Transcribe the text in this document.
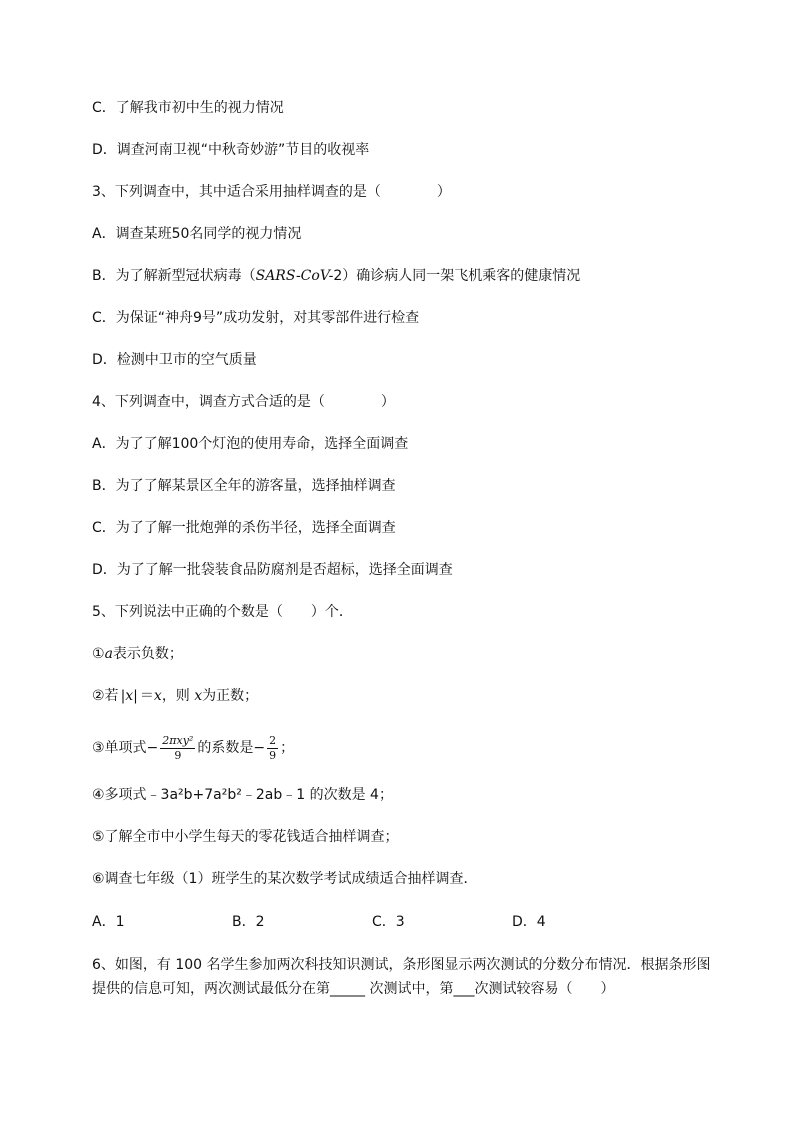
C．了解我市初中生的视力情况
D．调查河南卫视“中秋奇妙游”节目的收视率
3、下列调查中，其中适合采用抽样调查的是（　　　　）
A．调查某班50名同学的视力情况
B．为了解新型冠状病毒（SARS-CoV-2）确诊病人同一架飞机乘客的健康情况
C．为保证“神舟9号”成功发射，对其零部件进行检查
D．检测中卫市的空气质量
4、下列调查中，调查方式合适的是（　　　　）
A．为了了解100个灯泡的使用寿命，选择全面调查
B．为了了解某景区全年的游客量，选择抽样调查
C．为了了解一批炮弹的杀伤半径，选择全面调查
D．为了了解一批袋装食品防腐剂是否超标，选择全面调查
5、下列说法中正确的个数是（　　）个．
①a表示负数；
②若 |x| ＝x，则 x为正数；
③单项式− $\frac{\text{2πxy²}}{9}$ 的系数是− $\frac{2}{9}$ ；
④多项式﹣3a²b+7a²b²﹣2ab﹣1 的次数是 4；
⑤了解全市中小学生每天的零花钱适合抽样调查；
⑥调查七年级（1）班学生的某次数学考试成绩适合抽样调查．
A．1	B．2	C．3	D．4
6、如图，有 100 名学生参加两次科技知识测试，条形图显示两次测试的分数分布情况．根据条形图提供的信息可知，两次测试最低分在第_____ 次测试中，第___次测试较容易（　　）
